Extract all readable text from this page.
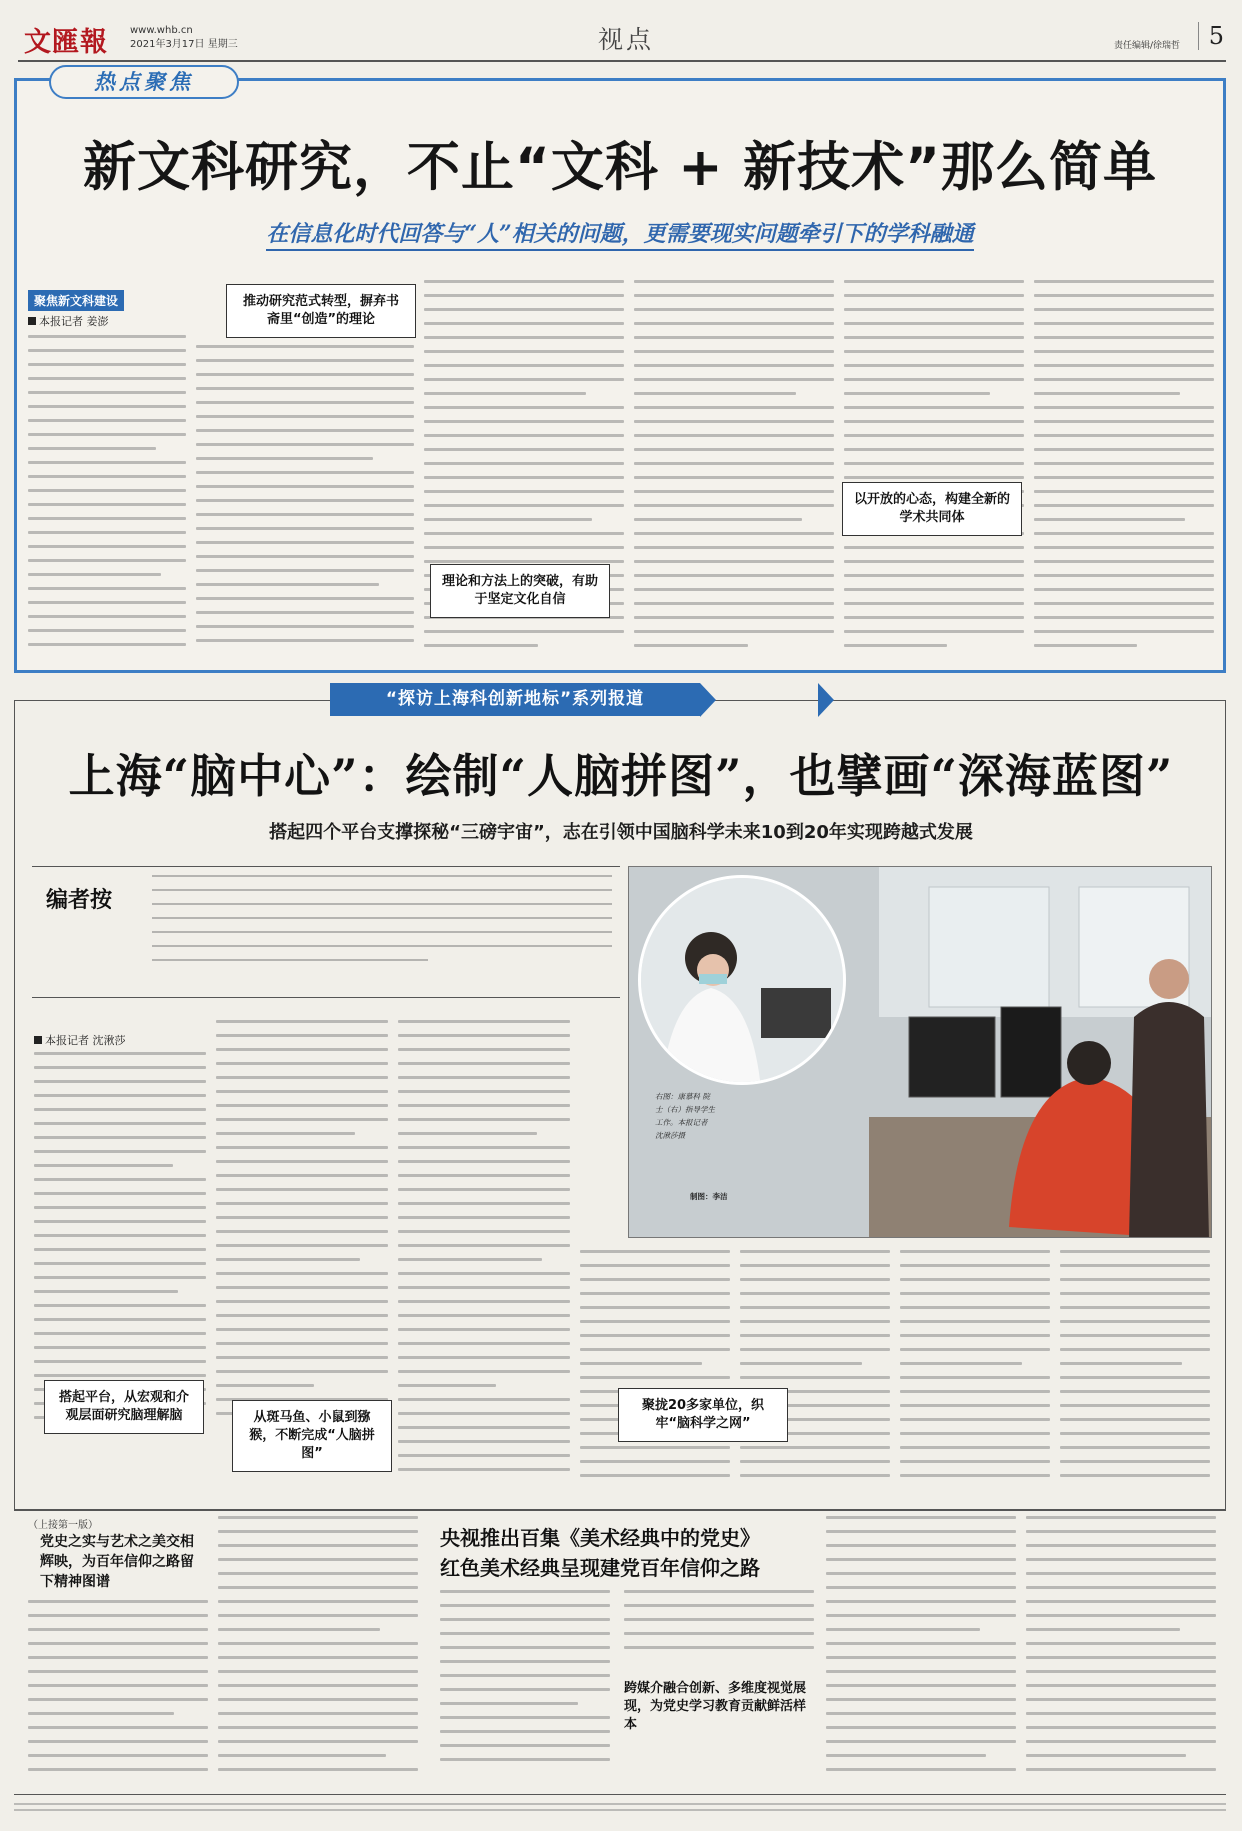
文匯報 www.whb.cn
2021年3月17日 星期三	视点	责任编辑/徐瑞哲	5
热点聚焦
新文科研究，不止“文科 + 新技术”那么简单
在信息化时代回答与“人”相关的问题，更需要现实问题牵引下的学科融通
聚焦新文科建设
本报记者 姜澎
推动研究范式转型，摒弃书斋里“创造”的理论
理论和方法上的突破，有助于坚定文化自信
以开放的心态，构建全新的学术共同体
“探访上海科创新地标”系列报道
上海“脑中心”：绘制“人脑拼图”，也擘画“深海蓝图”
搭起四个平台支撑探秘“三磅宇宙”，志在引领中国脑科学未来10到20年实现跨越式发展
编者按
右图：康慕科 院士（右）指导学生工作。本报记者 沈湫莎摄
制图：李洁
本报记者 沈湫莎
搭起平台，从宏观和介观层面研究脑理解脑	从斑马鱼、小鼠到猕猴，不断完成“人脑拼图”
聚拢20多家单位，织牢“脑科学之网”
（上接第一版）
党史之实与艺术之美交相辉映，为百年信仰之路留下精神图谱
央视推出百集《美术经典中的党史》
红色美术经典呈现建党百年信仰之路
跨媒介融合创新、多维度视觉展现，为党史学习教育贡献鲜活样本
